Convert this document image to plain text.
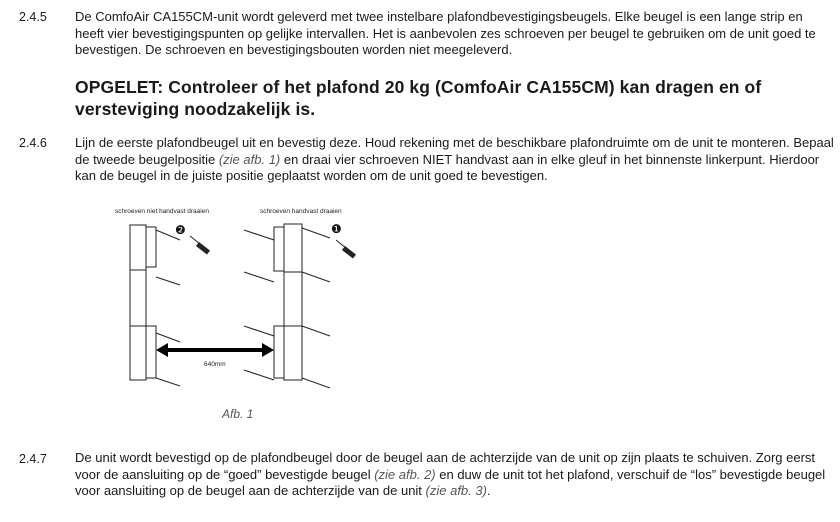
2.4.5 De ComfoAir CA155CM-unit wordt geleverd met twee instelbare plafondbevestigingsbeugels. Elke beugel is een lange strip en heeft vier bevestigingspunten op gelijke intervallen. Het is aanbevolen zes schroeven per beugel te gebruiken om de unit goed te bevestigen. De schroeven en bevestigingsbouten worden niet meegeleverd.
OPGELET: Controleer of het plafond 20 kg (ComfoAir CA155CM) kan dragen en of versteviging noodzakelijk is.
2.4.6 Lijn de eerste plafondbeugel uit en bevestig deze. Houd rekening met de beschikbare plafondruimte om de unit te monteren. Bepaal de tweede beugelpositie (zie afb. 1) en draai vier schroeven NIET handvast aan in elke gleuf in het binnenste linkerpunt. Hierdoor kan de beugel in de juiste positie geplaatst worden om de unit goed te bevestigen.
schroeven niet handvast draaien	schroeven handvast draaien
❷	❶
640mm
Afb. 1
2.4.7 De unit wordt bevestigd op de plafondbeugel door de beugel aan de achterzijde van de unit op zijn plaats te schuiven. Zorg eerst voor de aansluiting op de “goed” bevestigde beugel (zie afb. 2) en duw de unit tot het plafond, verschuif de “los” bevestigde beugel voor aansluiting op de beugel aan de achterzijde van de unit (zie afb. 3).
